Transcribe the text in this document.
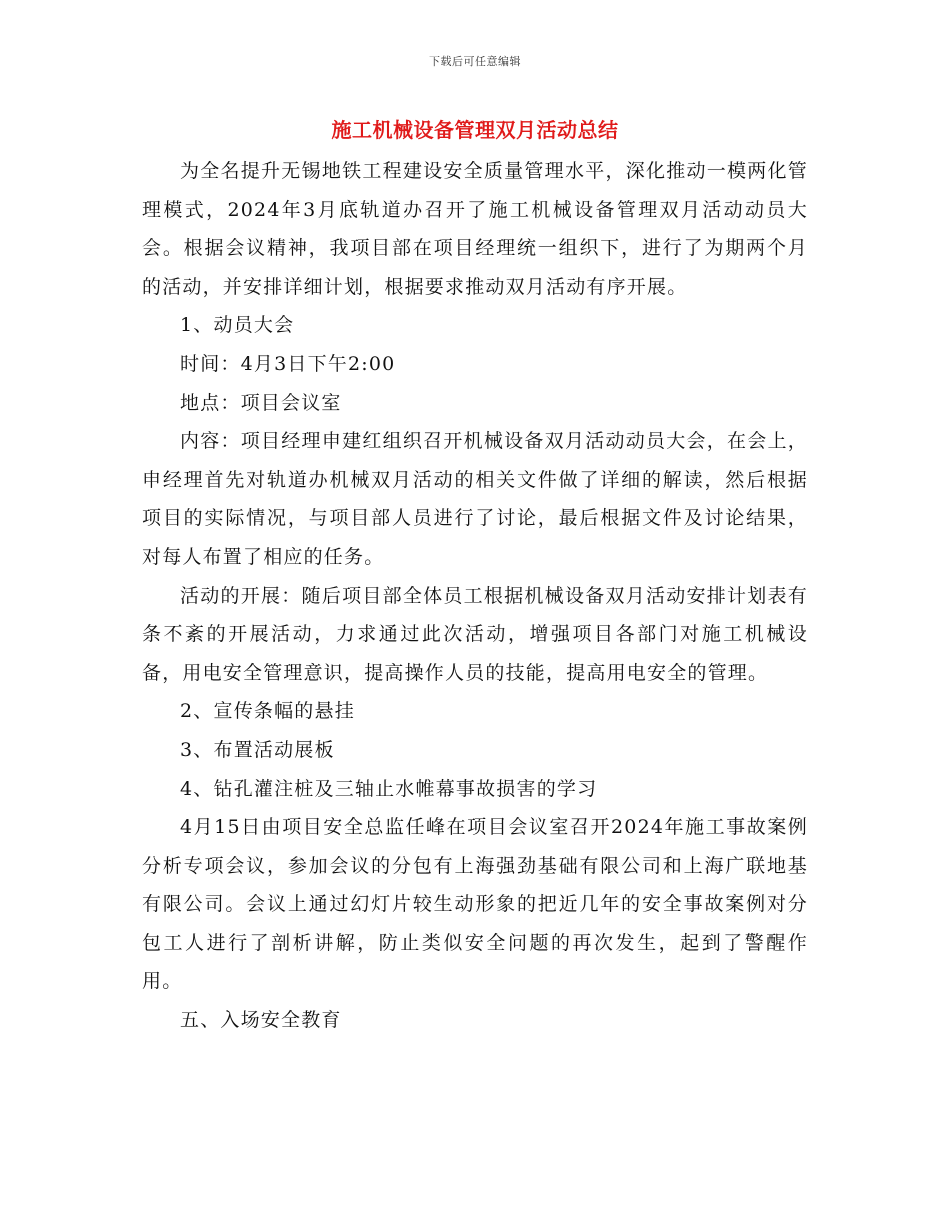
下载后可任意编辑
施工机械设备管理双月活动总结

为全名提升无锡地铁工程建设安全质量管理水平，深化推动一模两化管理模式，2024年3月底轨道办召开了施工机械设备管理双月活动动员大会。根据会议精神，我项目部在项目经理统一组织下，进行了为期两个月的活动，并安排详细计划，根据要求推动双月活动有序开展。

1、动员大会

时间：4月3日下午2:00

地点：项目会议室

内容：项目经理申建红组织召开机械设备双月活动动员大会，在会上，申经理首先对轨道办机械双月活动的相关文件做了详细的解读，然后根据项目的实际情况，与项目部人员进行了讨论，最后根据文件及讨论结果，对每人布置了相应的任务。

活动的开展：随后项目部全体员工根据机械设备双月活动安排计划表有条不紊的开展活动，力求通过此次活动，增强项目各部门对施工机械设备，用电安全管理意识，提高操作人员的技能，提高用电安全的管理。

2、宣传条幅的悬挂

3、布置活动展板

4、钻孔灌注桩及三轴止水帷幕事故损害的学习

4月15日由项目安全总监任峰在项目会议室召开2024年施工事故案例分析专项会议，参加会议的分包有上海强劲基础有限公司和上海广联地基有限公司。会议上通过幻灯片较生动形象的把近几年的安全事故案例对分包工人进行了剖析讲解，防止类似安全问题的再次发生，起到了警醒作用。

五、入场安全教育
